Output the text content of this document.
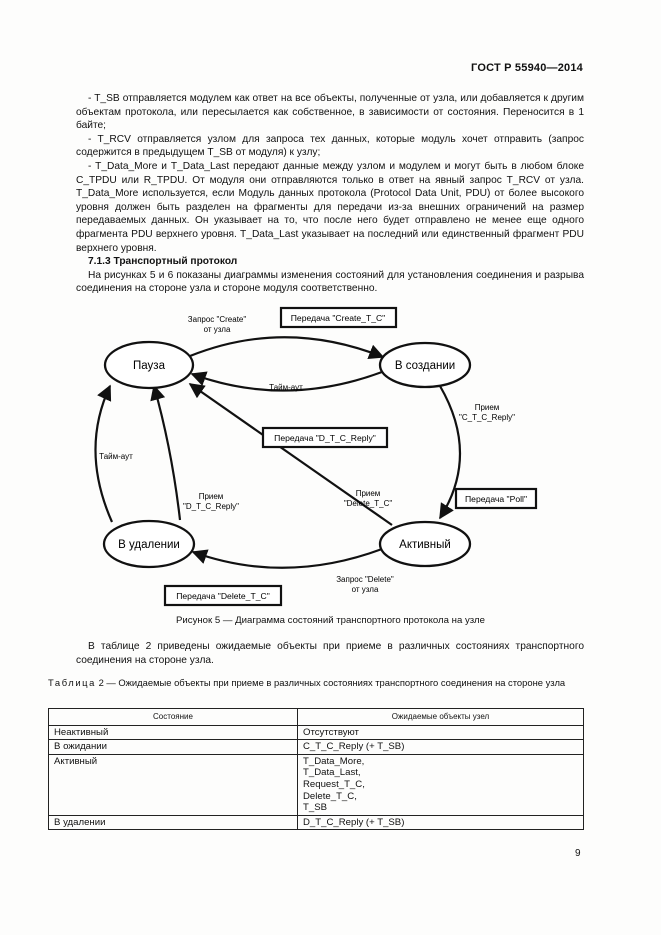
ГОСТ Р 55940—2014

- T_SB отправляется модулем как ответ на все объекты, полученные от узла, или добавляется к другим объектам протокола, или пересылается как собственное, в зависимости от состояния. Переносится в 1 байте;

- T_RCV отправляется узлом для запроса тех данных, которые модуль хочет отправить (запрос содержится в предыдущем T_SB от модуля) к узлу;

- T_Data_More и T_Data_Last передают данные между узлом и модулем и могут быть в любом блоке C_TPDU или R_TPDU. От модуля они отправляются только в ответ на явный запрос T_RCV от узла. T_Data_More используется, если Модуль данных протокола (Protocol Data Unit, PDU) от более высокого уровня должен быть разделен на фрагменты для передачи из-за внешних ограничений на размер передаваемых данных. Он указывает на то, что после него будет отправлено не менее еще одного фрагмента PDU верхнего уровня. T_Data_Last указывает на последний или единственный фрагмент PDU верхнего уровня.

7.1.3 Транспортный протокол

На рисунках 5 и 6 показаны диаграммы изменения состояний для установления соединения и разрыва соединения на стороне узла и стороне модуля соответственно.

Пауза	В создании
Активный
В удалении
Запрос "Create"
от узла
Тайм-аут
Прием
"C_T_C_Reply"
Тайм-аут
Прием
"D_T_C_Reply"
Прием
"Delete_T_C"
Запрос "Delete"
от узла
Передача "Create_T_C"
Передача "D_T_C_Reply"
Передача "Poll"
Передача "Delete_T_C"
Рисунок 5 — Диаграмма состояний транспортного протокола на узле

В таблице 2 приведены ожидаемые объекты при приеме в различных состояниях транспортного соединения на стороне узла.

Таблица 2 — Ожидаемые объекты при приеме в различных состояниях транспортного соединения на стороне узла
Состояние	Ожидаемые объекты узел
Неактивный	Отсутствуют

В ожидании	C_T_C_Reply (+ T_SB)

Активный	T_Data_More,
T_Data_Last,
Request_T_C,
Delete_T_C,
T_SB

В удалении	D_T_C_Reply (+ T_SB)
9
